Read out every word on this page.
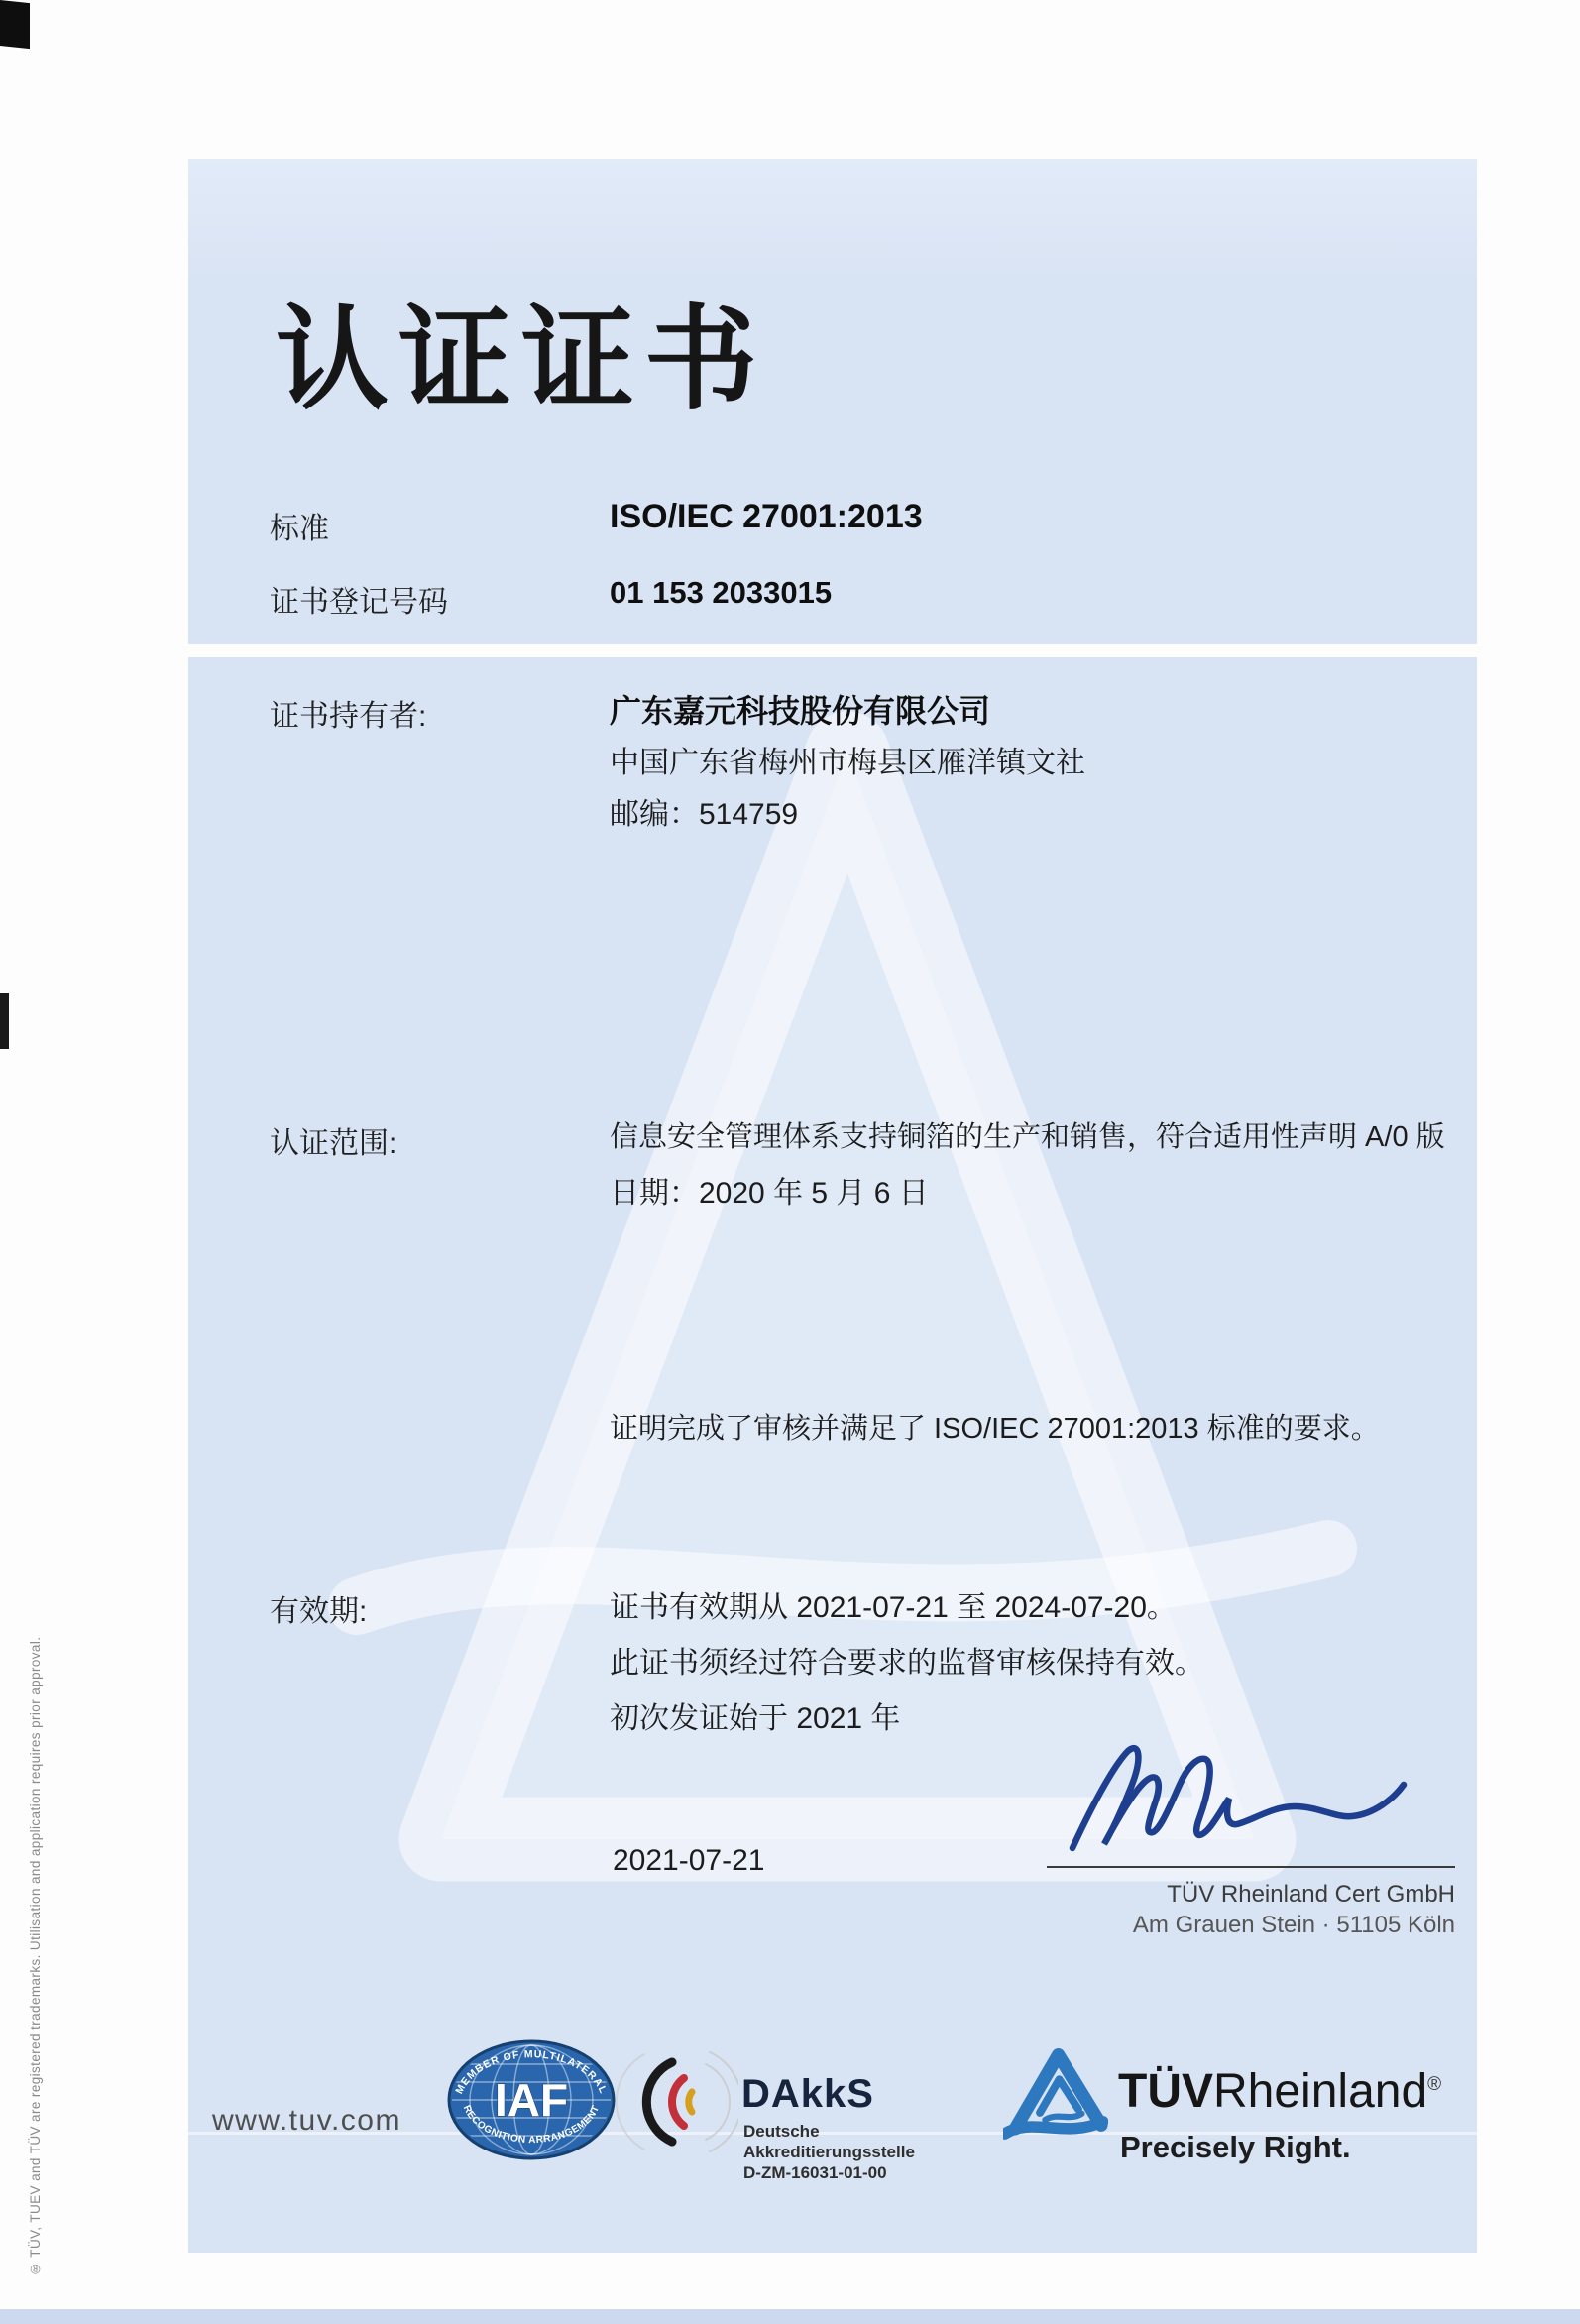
® TÜV, TUEV and TÜV are registered trademarks. Utilisation and application requires prior approval.
认证证书
标准	ISO/IEC 27001:2013
证书登记号码	01 153 2033015
证书持有者:	广东嘉元科技股份有限公司
中国广东省梅州市梅县区雁洋镇文社
邮编：514759
认证范围:	信息安全管理体系支持铜箔的生产和销售，符合适用性声明 A/0 版
日期：2020 年 5 月 6 日
证明完成了审核并满足了 ISO/IEC 27001:2013 标准的要求。
有效期:	证书有效期从 2021-07-21 至 2024-07-20。
此证书须经过符合要求的监督审核保持有效。
初次发证始于 2021 年
2021-07-21
TÜV Rheinland Cert GmbH
Am Grauen Stein · 51105 Köln
www.tuv.com
MEMBER OF MULTILATERAL
RECOGNITION ARRANGEMENT
IAF	DAkkS
Deutsche
Akkreditierungsstelle
D-ZM-16031-01-00
TÜVRheinland®
Precisely Right.
